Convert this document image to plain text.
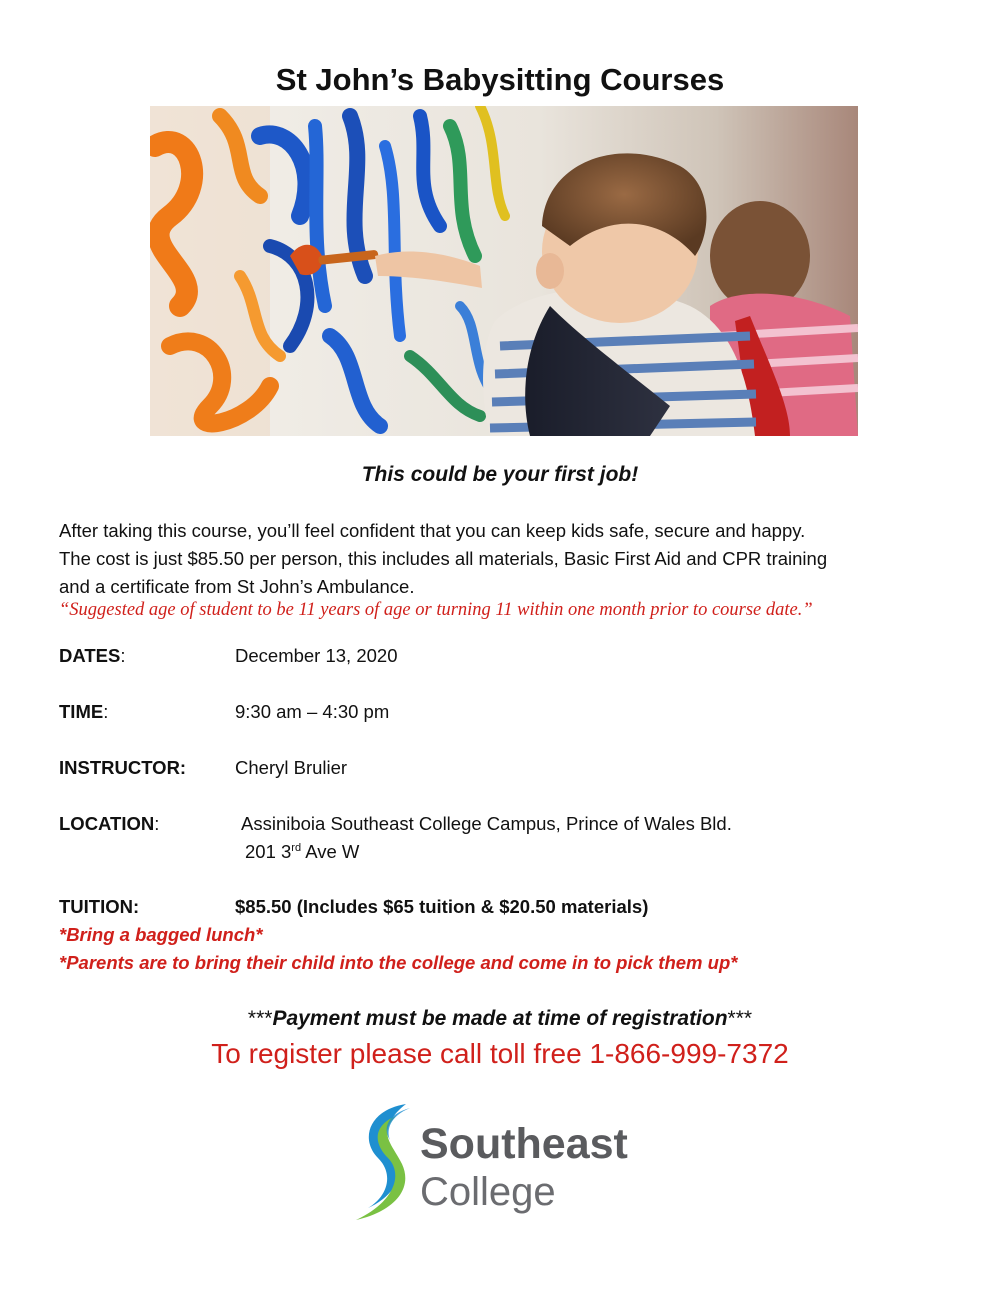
St John’s Babysitting Courses
This could be your first job!

After taking this course, you’ll feel confident that you can keep kids safe, secure and happy.

The cost is just $85.50 per person, this includes all materials, Basic First Aid and CPR training

and a certificate from St John’s Ambulance.

“Suggested age of student to be 11 years of age or turning 11 within one month prior to course date.”
DATES:	December 13, 2020
TIME:	9:30 am – 4:30 pm
INSTRUCTOR:	Cheryl Brulier
LOCATION:	Assiniboia Southeast College Campus, Prince of Wales Bld.
201 3rd Ave W
TUITION:	$85.50 (Includes $65 tuition & $20.50 materials)
*Bring a bagged lunch*
*Parents are to bring their child into the college and come in to pick them up*
***Payment must be made at time of registration***
To register please call toll free 1-866-999-7372
Southeast
College
